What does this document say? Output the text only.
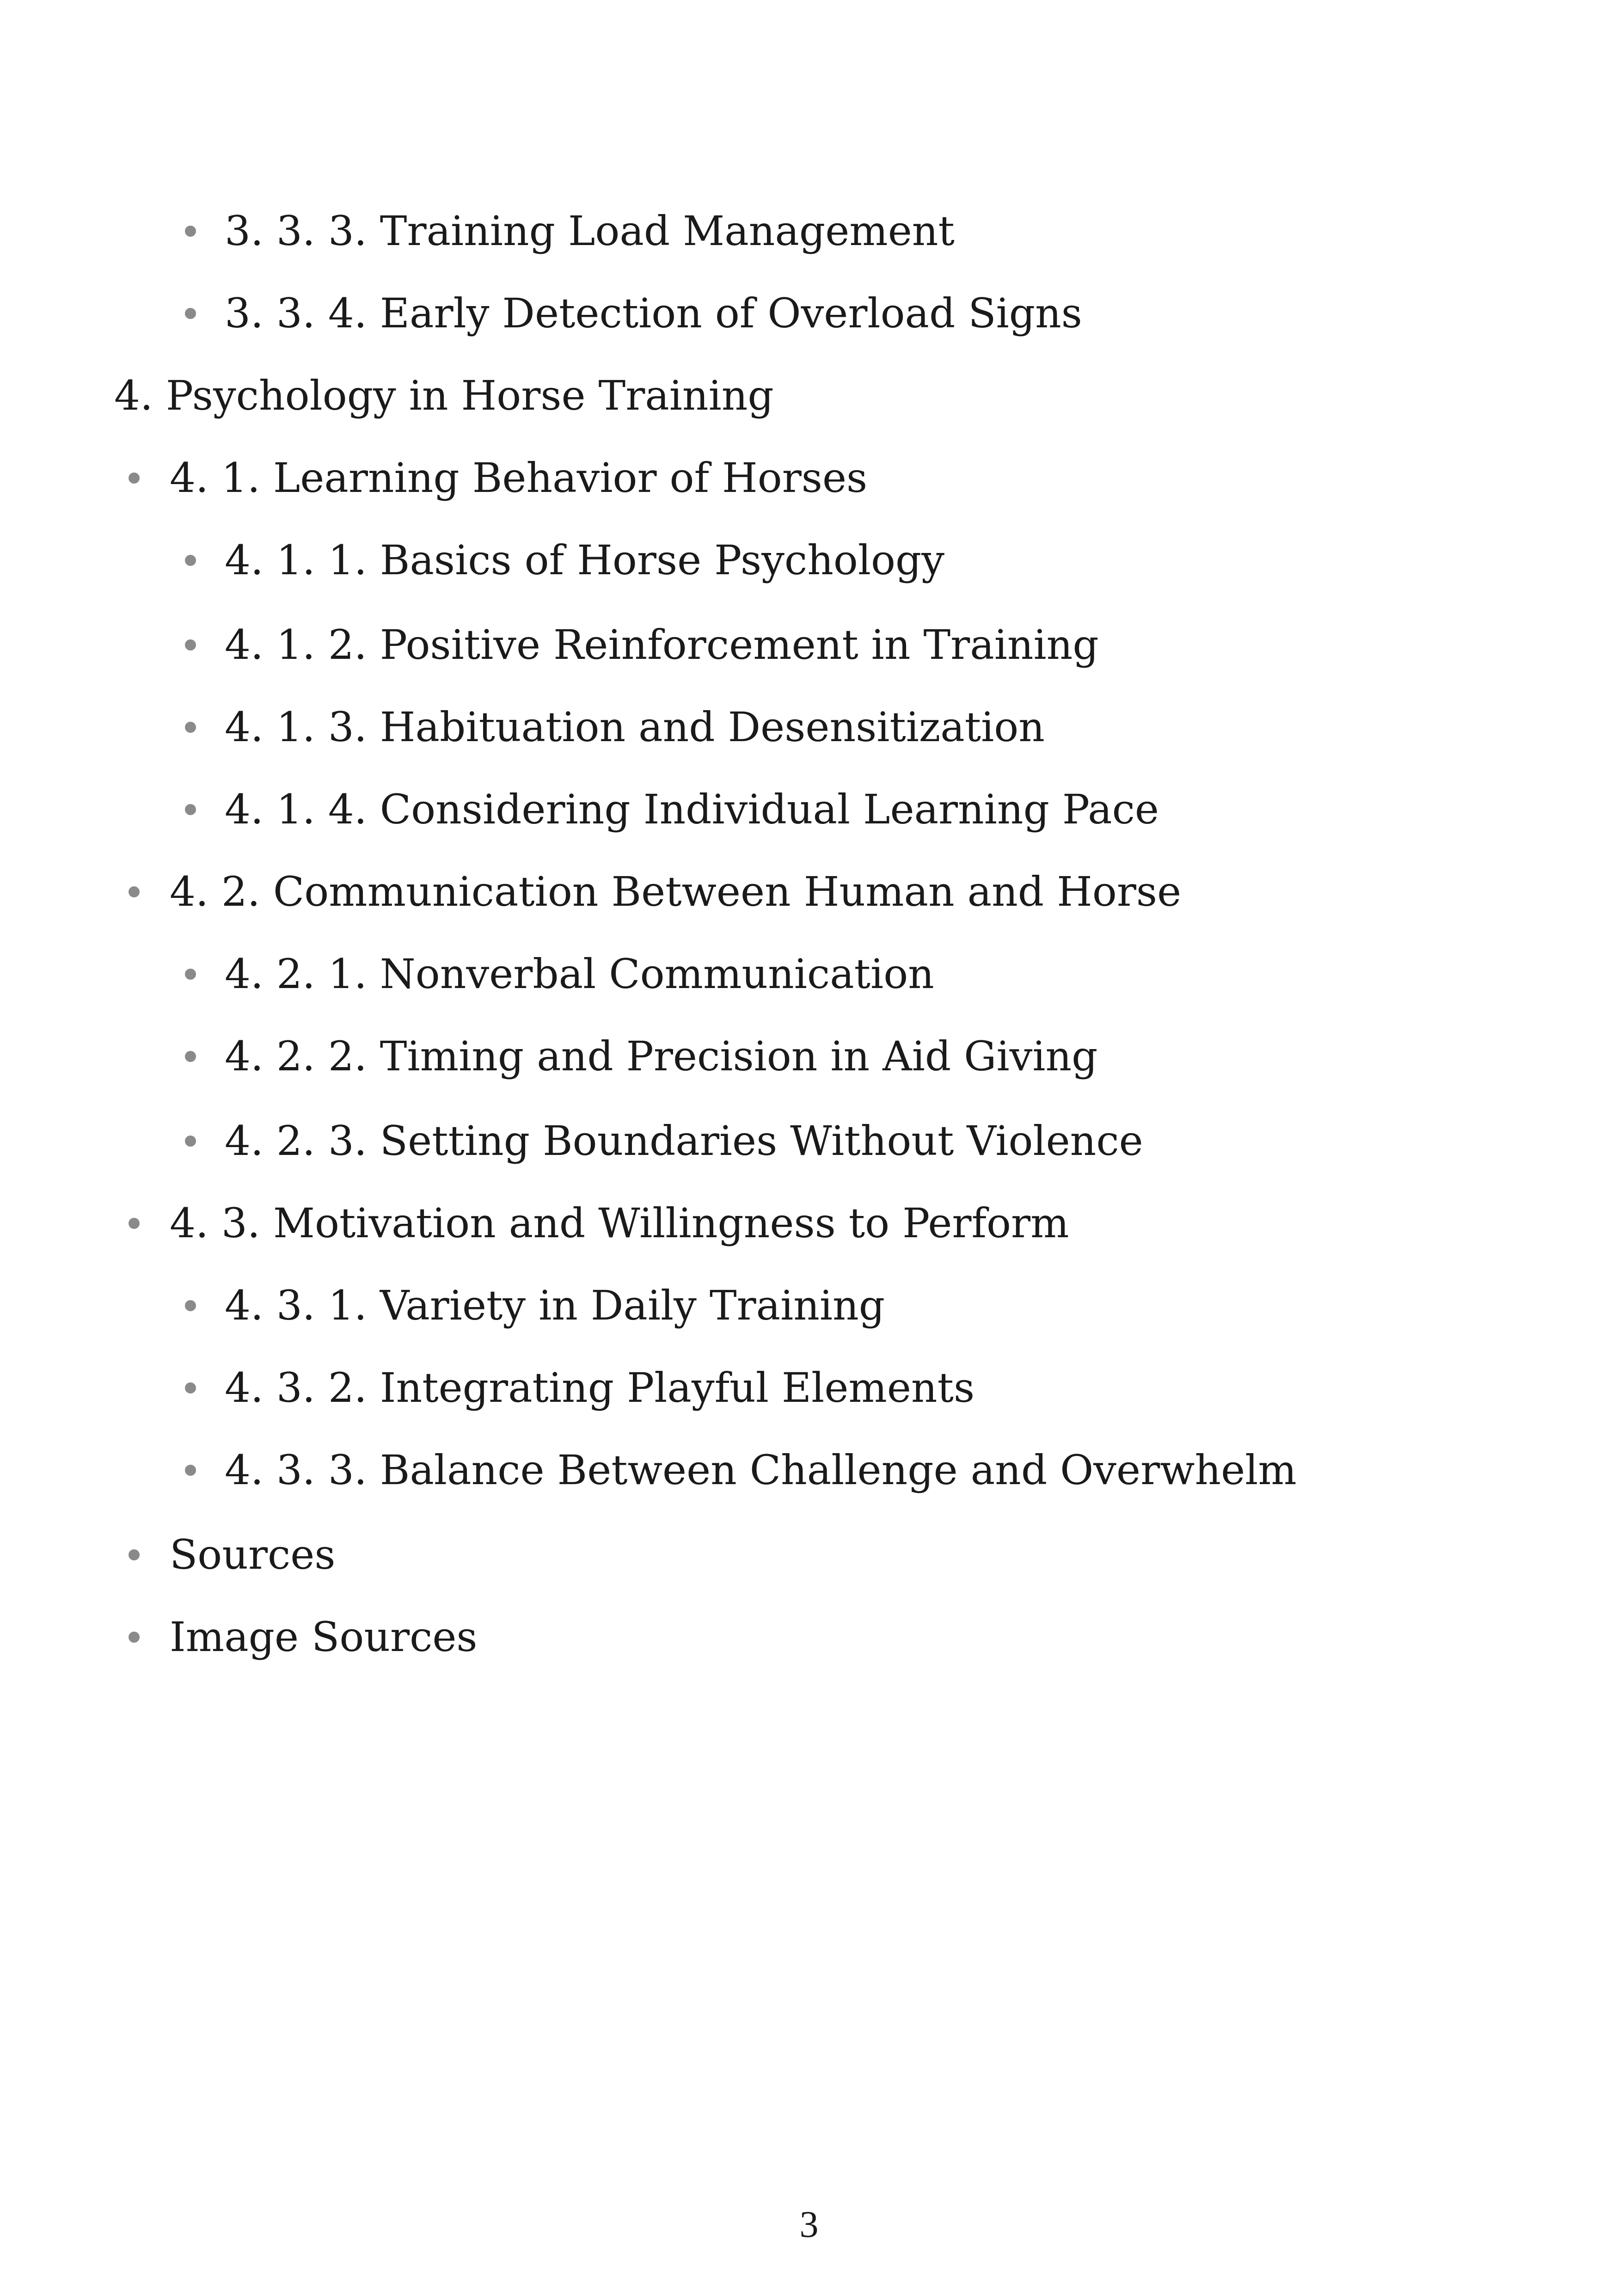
3. 3. 3. Training Load Management
3. 3. 4. Early Detection of Overload Signs
4. Psychology in Horse Training
4. 1. Learning Behavior of Horses
4. 1. 1. Basics of Horse Psychology
4. 1. 2. Positive Reinforcement in Training
4. 1. 3. Habituation and Desensitization
4. 1. 4. Considering Individual Learning Pace
4. 2. Communication Between Human and Horse
4. 2. 1. Nonverbal Communication
4. 2. 2. Timing and Precision in Aid Giving
4. 2. 3. Setting Boundaries Without Violence
4. 3. Motivation and Willingness to Perform
4. 3. 1. Variety in Daily Training
4. 3. 2. Integrating Playful Elements
4. 3. 3. Balance Between Challenge and Overwhelm
Sources
Image Sources
3
